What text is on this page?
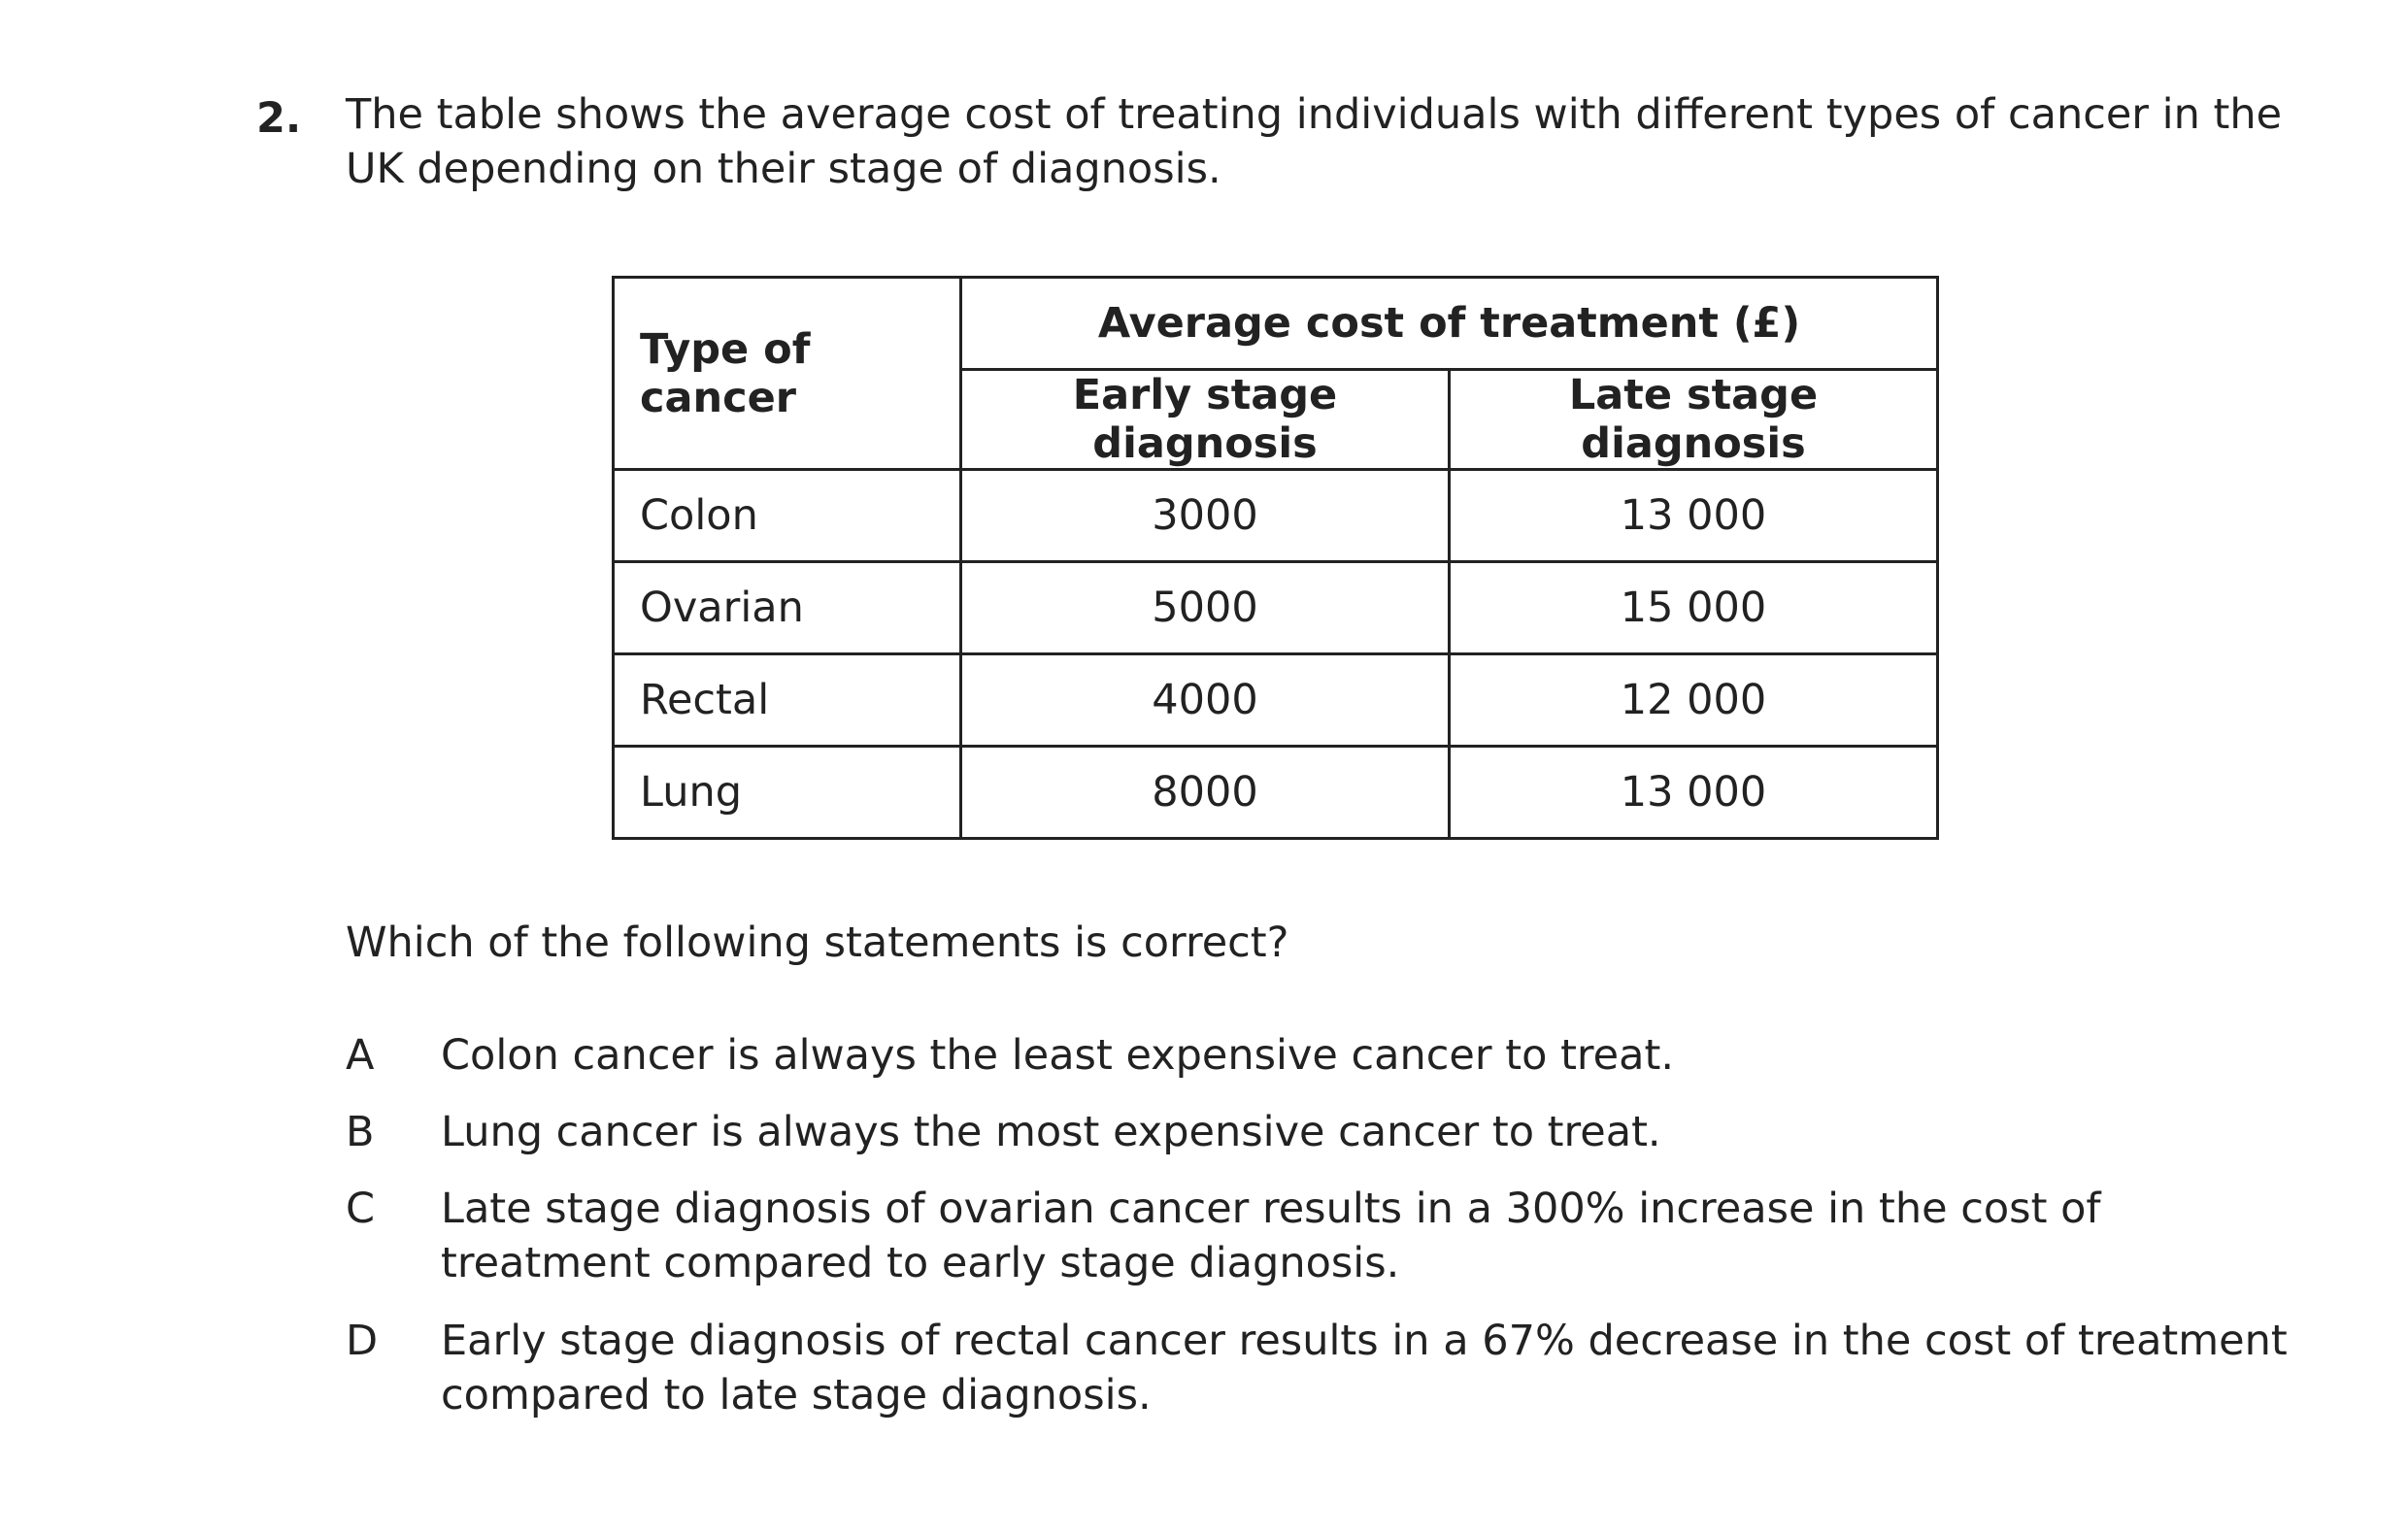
2. The table shows the average cost of treating individuals with different types of cancer in the
UK depending on their stage of diagnosis.
Type of cancer	Average cost of treatment (£)	
	Early stage diagnosis	Late stage diagnosis
Colon	3000	13 000
Ovarian	5000	15 000
Rectal	4000	12 000
Lung	8000	13 000
Which of the following statements is correct?
A	Colon cancer is always the least expensive cancer to treat.
B	Lung cancer is always the most expensive cancer to treat.
C	Late stage diagnosis of ovarian cancer results in a 300% increase in the cost of
treatment compared to early stage diagnosis.
D	Early stage diagnosis of rectal cancer results in a 67% decrease in the cost of treatment
compared to late stage diagnosis.
